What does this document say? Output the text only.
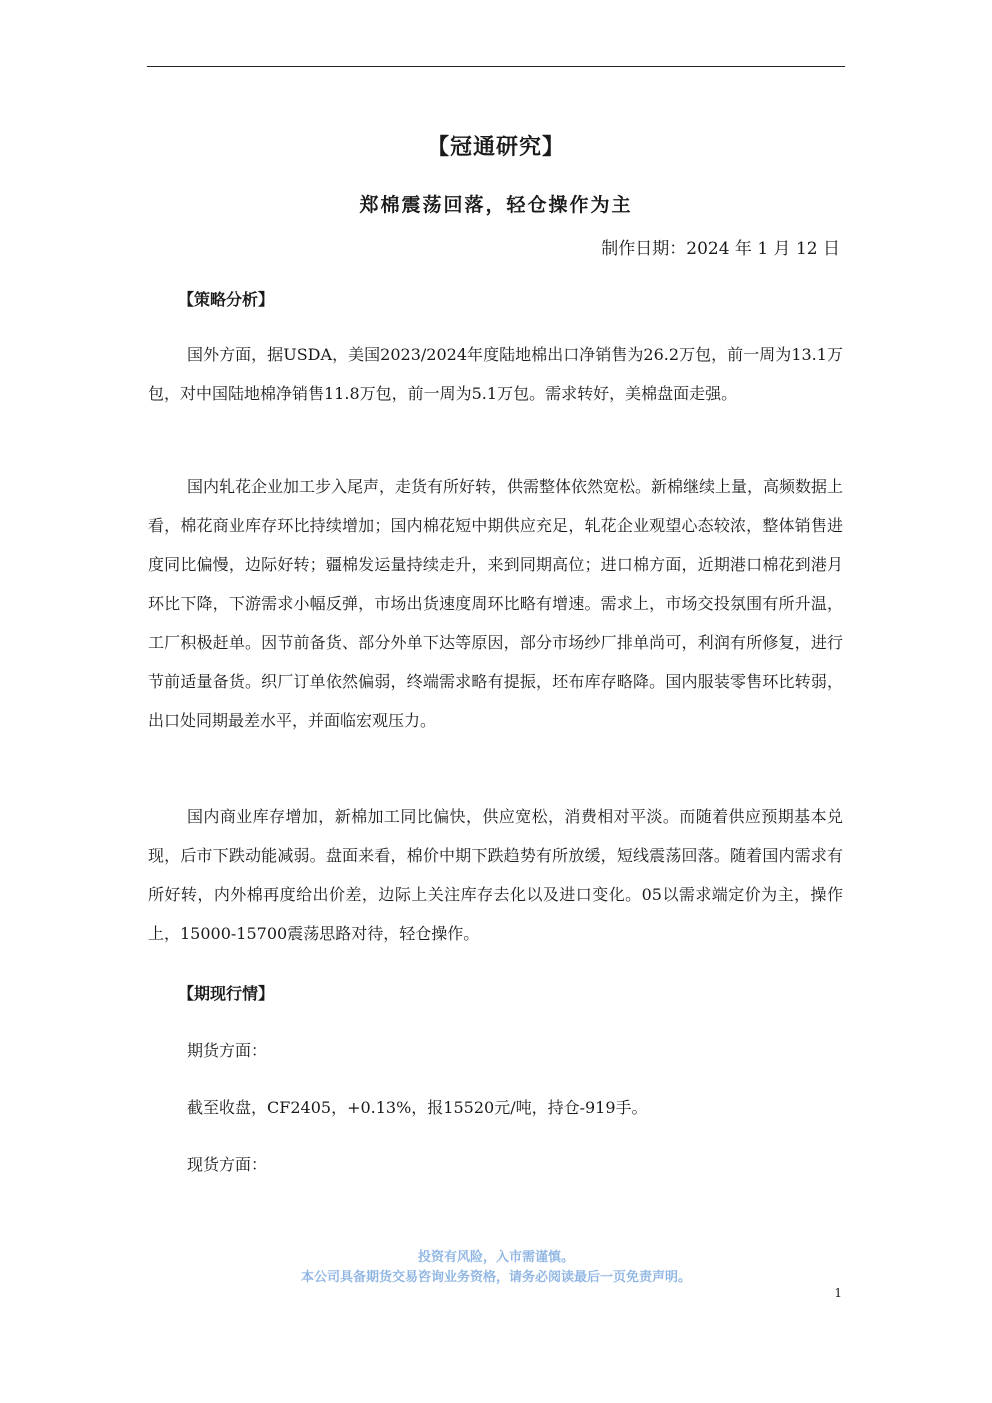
【冠通研究】
郑棉震荡回落，轻仓操作为主
制作日期：2024 年 1 月 12 日
【策略分析】

国外方面，据USDA，美国2023/2024年度陆地棉出口净销售为26.2万包，前一周为13.1万包，对中国陆地棉净销售11.8万包，前一周为5.1万包。需求转好，美棉盘面走强。

国内轧花企业加工步入尾声，走货有所好转，供需整体依然宽松。新棉继续上量，高频数据上看，棉花商业库存环比持续增加；国内棉花短中期供应充足，轧花企业观望心态较浓，整体销售进度同比偏慢，边际好转；疆棉发运量持续走升，来到同期高位；进口棉方面，近期港口棉花到港月环比下降，下游需求小幅反弹，市场出货速度周环比略有增速。需求上，市场交投氛围有所升温，工厂积极赶单。因节前备货、部分外单下达等原因，部分市场纱厂排单尚可，利润有所修复，进行节前适量备货。织厂订单依然偏弱，终端需求略有提振，坯布库存略降。国内服装零售环比转弱，出口处同期最差水平，并面临宏观压力。

国内商业库存增加，新棉加工同比偏快，供应宽松，消费相对平淡。而随着供应预期基本兑现，后市下跌动能减弱。盘面来看，棉价中期下跌趋势有所放缓，短线震荡回落。随着国内需求有所好转，内外棉再度给出价差，边际上关注库存去化以及进口变化。05以需求端定价为主，操作上，15000-15700震荡思路对待，轻仓操作。

【期现行情】
期货方面：
截至收盘，CF2405，+0.13%，报15520元/吨，持仓-919手。
现货方面：
投资有风险，入市需谨慎。
本公司具备期货交易咨询业务资格，请务必阅读最后一页免责声明。
1
